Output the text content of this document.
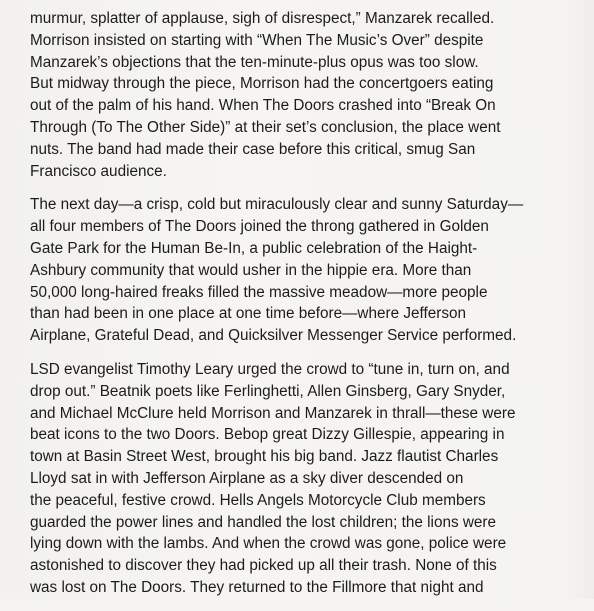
murmur, splatter of applause, sigh of disrespect,” Manzarek recalled.
Morrison insisted on starting with “When The Music’s Over” despite
Manzarek’s objections that the ten-minute-plus opus was too slow.
But midway through the piece, Morrison had the concertgoers eating
out of the palm of his hand. When The Doors crashed into “Break On
Through (To The Other Side)” at their set’s conclusion, the place went
nuts. The band had made their case before this critical, smug San
Francisco audience.

The next day—a crisp, cold but miraculously clear and sunny Saturday—
all four members of The Doors joined the throng gathered in Golden
Gate Park for the Human Be-In, a public celebration of the Haight-
Ashbury community that would usher in the hippie era. More than
50,000 long-haired freaks filled the massive meadow—more people
than had been in one place at one time before—where Jefferson
Airplane, Grateful Dead, and Quicksilver Messenger Service performed.

LSD evangelist Timothy Leary urged the crowd to “tune in, turn on, and
drop out.” Beatnik poets like Ferlinghetti, Allen Ginsberg, Gary Snyder,
and Michael McClure held Morrison and Manzarek in thrall—these were
beat icons to the two Doors. Bebop great Dizzy Gillespie, appearing in
town at Basin Street West, brought his big band. Jazz flautist Charles
Lloyd sat in with Jefferson Airplane as a sky diver descended on
the peaceful, festive crowd. Hells Angels Motorcycle Club members
guarded the power lines and handled the lost children; the lions were
lying down with the lambs. And when the crowd was gone, police were
astonished to discover they had picked up all their trash. None of this
was lost on The Doors. They returned to the Fillmore that night and
